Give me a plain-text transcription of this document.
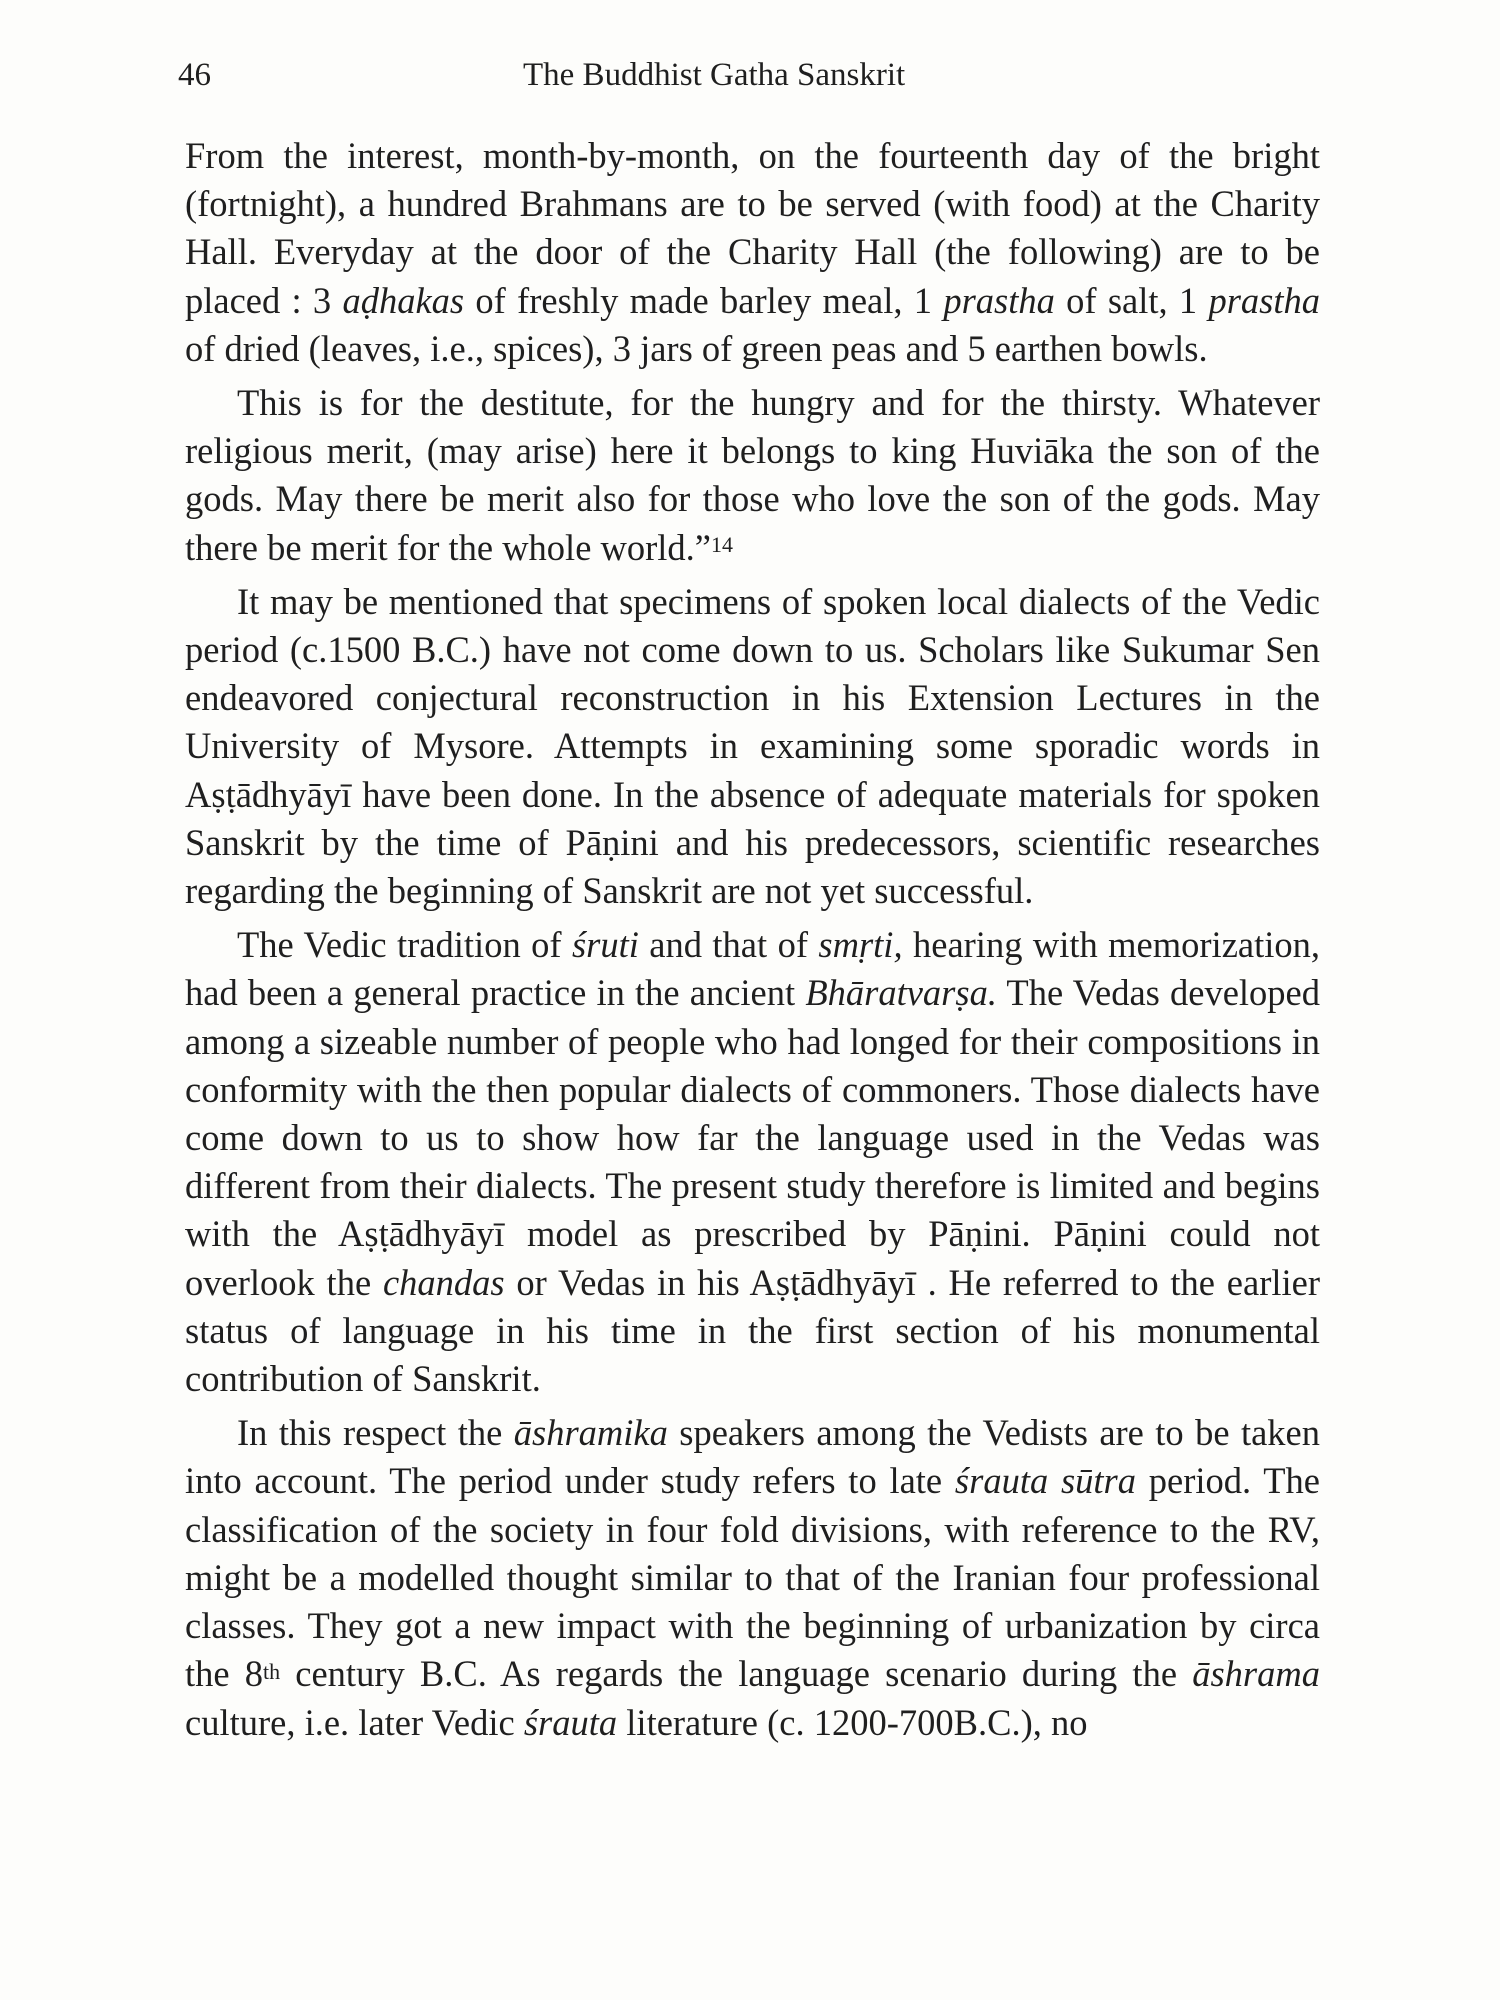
46	The Buddhist Gatha Sanskrit

From the interest, month-by-month, on the fourteenth day of the bright (fortnight), a hundred Brahmans are to be served (with food) at the Charity Hall. Everyday at the door of the Charity Hall (the following) are to be placed : 3 aḍhakas of freshly made barley meal, 1 prastha of salt, 1 prastha of dried (leaves, i.e., spices), 3 jars of green peas and 5 earthen bowls.

This is for the destitute, for the hungry and for the thirsty. Whatever religious merit, (may arise) here it belongs to king Huviāka the son of the gods. May there be merit also for those who love the son of the gods. May there be merit for the whole world.”$^{14}$

It may be mentioned that specimens of spoken local dialects of the Vedic period (c.1500 B.C.) have not come down to us. Scholars like Sukumar Sen endeavored conjectural reconstruction in his Extension Lectures in the University of Mysore. Attempts in examining some sporadic words in Aṣṭādhyāyī have been done. In the absence of adequate materials for spoken Sanskrit by the time of Pāṇini and his predecessors, scientific researches regarding the beginning of Sanskrit are not yet successful.

The Vedic tradition of śruti and that of smṛti, hearing with memorization, had been a general practice in the ancient Bhāratvarṣa. The Vedas developed among a sizeable number of people who had longed for their compositions in conformity with the then popular dialects of commoners. Those dialects have come down to us to show how far the language used in the Vedas was different from their dialects. The present study therefore is limited and begins with the Aṣṭādhyāyī model as prescribed by Pāṇini. Pāṇini could not overlook the chandas or Vedas in his Aṣṭādhyāyī . He referred to the earlier status of language in his time in the first section of his monumental contribution of Sanskrit.

In this respect the āshramika speakers among the Vedists are to be taken into account. The period under study refers to late śrauta sūtra period. The classification of the society in four fold divisions, with reference to the RV, might be a modelled thought similar to that of the Iranian four professional classes. They got a new impact with the beginning of urbanization by circa the 8th century B.C. As regards the language scenario during the āshrama culture, i.e. later Vedic śrauta literature (c. 1200-700B.C.), no
